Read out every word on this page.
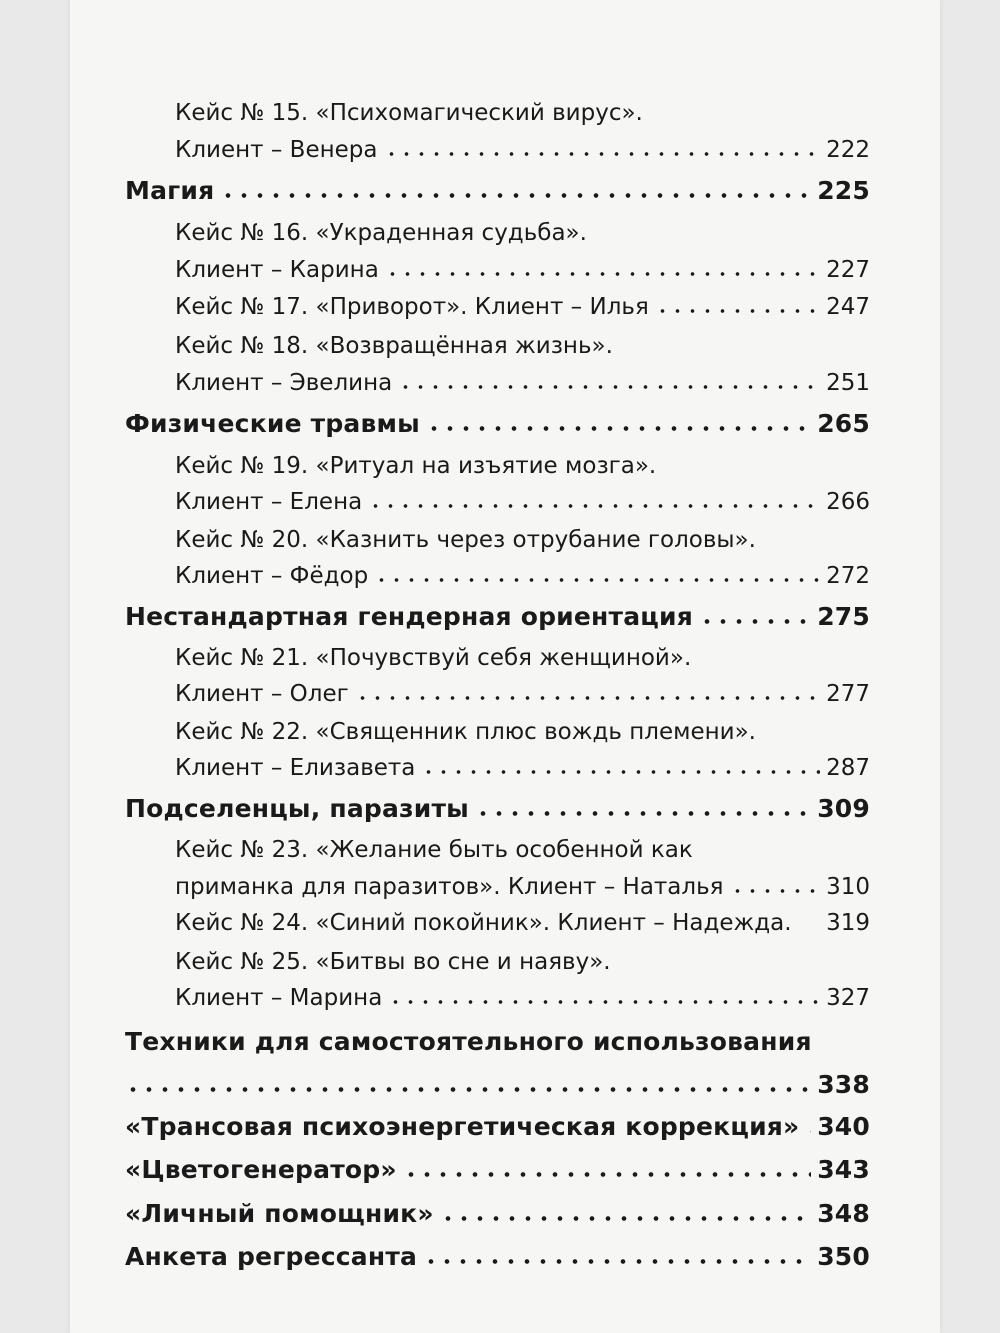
Кейс № 15. «Психомагический вирус».
Клиент – Венера	222
Магия	225
Кейс № 16. «Украденная судьба».
Клиент – Карина	227
Кейс № 17. «Приворот». Клиент – Илья	247
Кейс № 18. «Возвращённая жизнь».
Клиент – Эвелина	251
Физические травмы	265
Кейс № 19. «Ритуал на изъятие мозга».
Клиент – Елена	266
Кейс № 20. «Казнить через отрубание головы».
Клиент – Фёдор	272
Нестандартная гендерная ориентация	275
Кейс № 21. «Почувствуй себя женщиной».
Клиент – Олег	277
Кейс № 22. «Священник плюс вождь племени».
Клиент – Елизавета	287
Подселенцы, паразиты	309
Кейс № 23. «Желание быть особенной как
приманка для паразитов». Клиент – Наталья	310
Кейс № 24. «Синий покойник». Клиент – Надежда. 319
Кейс № 25. «Битвы во сне и наяву».
Клиент – Марина	327
Техники для самостоятельного использования
338
«Трансовая психоэнергетическая коррекция» 340
«Цветогенератор»	343
«Личный помощник»	348
Анкета регрессанта	350
